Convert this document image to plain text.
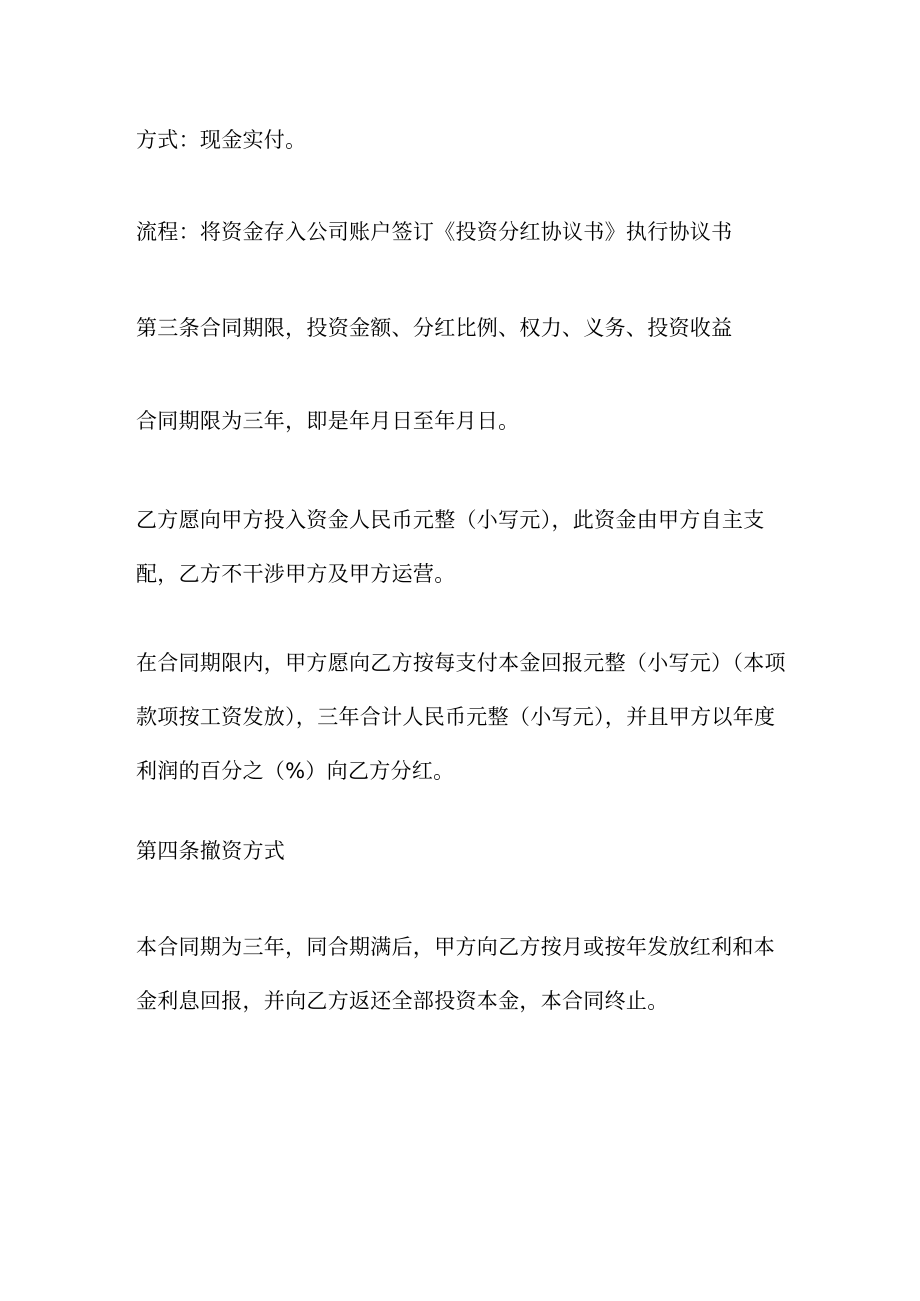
方式：现金实付。

流程：将资金存入公司账户签订《投资分红协议书》执行协议书

第三条合同期限，投资金额、分红比例、权力、义务、投资收益

合同期限为三年，即是年月日至年月日。

乙方愿向甲方投入资金人民币元整（小写元），此资金由甲方自主支配，乙方不干涉甲方及甲方运营。

在合同期限内，甲方愿向乙方按每支付本金回报元整（小写元）（本项款项按工资发放），三年合计人民币元整（小写元），并且甲方以年度利润的百分之（%）向乙方分红。

第四条撤资方式

本合同期为三年，同合期满后，甲方向乙方按月或按年发放红利和本金利息回报，并向乙方返还全部投资本金，本合同终止。
